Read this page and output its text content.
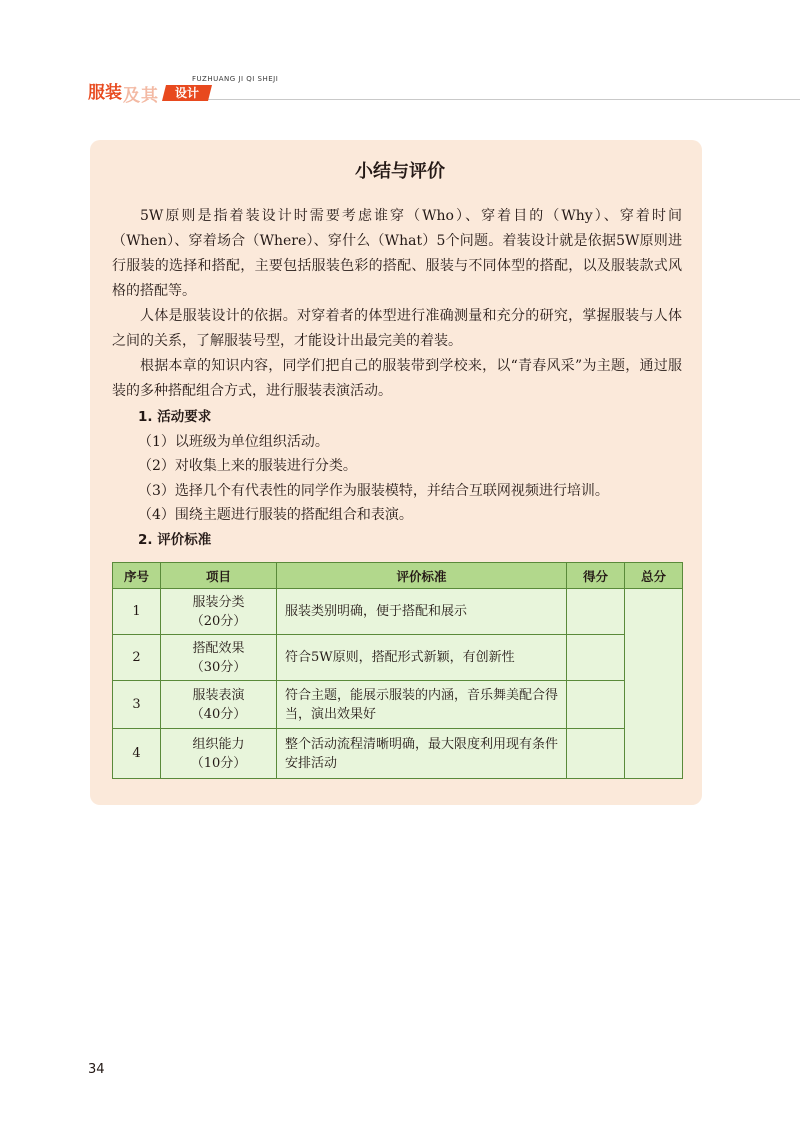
FUZHUANG JI QI SHEJI
服装 及其	设计
小结与评价

5W原则是指着装设计时需要考虑谁穿（Who）、穿着目的（Why）、穿着时间（When）、穿着场合（Where）、穿什么（What）5个问题。着装设计就是依据5W原则进行服装的选择和搭配，主要包括服装色彩的搭配、服装与不同体型的搭配，以及服装款式风格的搭配等。

人体是服装设计的依据。对穿着者的体型进行准确测量和充分的研究，掌握服装与人体之间的关系，了解服装号型，才能设计出最完美的着装。

根据本章的知识内容，同学们把自己的服装带到学校来，以“青春风采”为主题，通过服装的多种搭配组合方式，进行服装表演活动。

1. 活动要求
（1）以班级为单位组织活动。
（2）对收集上来的服装进行分类。
（3）选择几个有代表性的同学作为服装模特，并结合互联网视频进行培训。
（4）围绕主题进行服装的搭配组合和表演。
2. 评价标准
序号	项目	评价标准	得分	总分
1	服装分类
（20分）	服装类别明确，便于搭配和展示		
2	搭配效果
（30分）	符合5W原则，搭配形式新颖，有创新性		
3	服装表演
（40分）	符合主题，能展示服装的内涵，音乐舞美配合得当，演出效果好		
4	组织能力
（10分）	整个活动流程清晰明确，最大限度利用现有条件安排活动		
34
